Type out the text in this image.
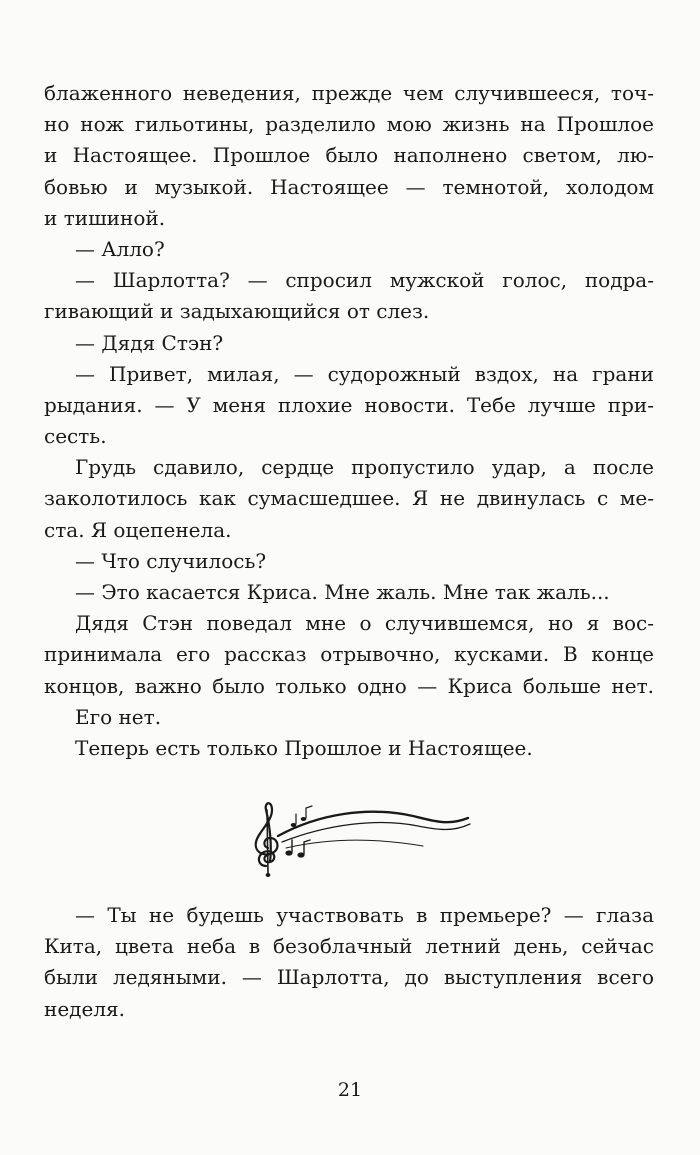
блаженного неведения, прежде чем случившееся, точ-
но нож гильотины, разделило мою жизнь на Прошлое
и Настоящее. Прошлое было наполнено светом, лю-
бовью и музыкой. Настоящее — темнотой, холодом
и тишиной.
— Алло?
— Шарлотта? — спросил мужской голос, подра-
гивающий и задыхающийся от слез.
— Дядя Стэн?
— Привет, милая, — судорожный вздох, на грани
рыдания. — У меня плохие новости. Тебе лучше при-
сесть.
Грудь сдавило, сердце пропустило удар, а после
заколотилось как сумасшедшее. Я не двинулась с ме-
ста. Я оцепенела.
— Что случилось?
— Это касается Криса. Мне жаль. Мне так жаль...
Дядя Стэн поведал мне о случившемся, но я вос-
принимала его рассказ отрывочно, кусками. В конце
концов, важно было только одно — Криса больше нет.
Его нет.
Теперь есть только Прошлое и Настоящее.
— Ты не будешь участвовать в премьере? — глаза
Кита, цвета неба в безоблачный летний день, сейчас
были ледяными. — Шарлотта, до выступления всего
неделя.
21
